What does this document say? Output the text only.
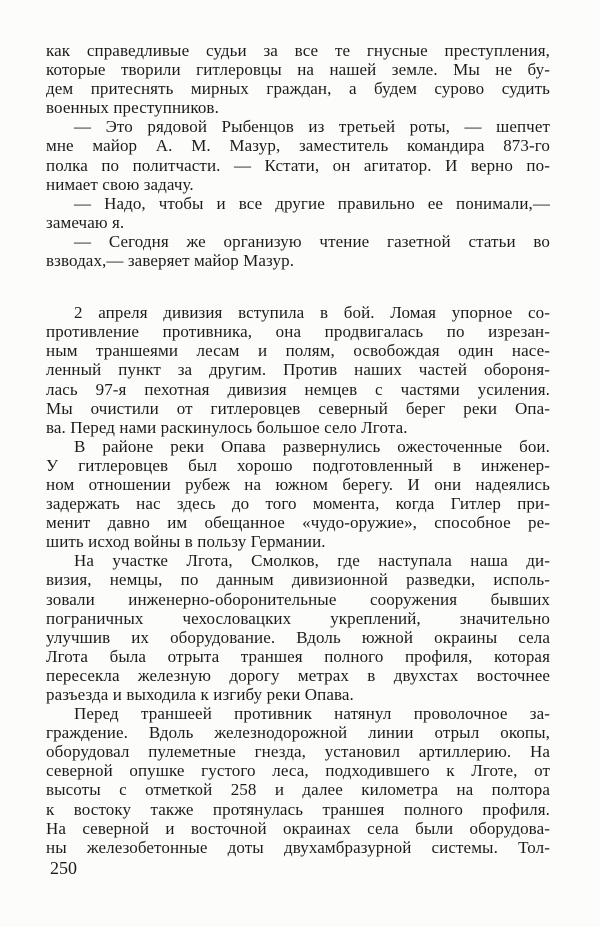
как справедливые судьи за все те гнусные преступления,
которые творили гитлеровцы на нашей земле. Мы не бу-
дем притеснять мирных граждан, а будем сурово судить
военных преступников.
— Это рядовой Рыбенцов из третьей роты, — шепчет
мне майор А. М. Мазур, заместитель командира 873-го
полка по политчасти. — Кстати, он агитатор. И верно по-
нимает свою задачу.
— Надо, чтобы и все другие правильно ее понимали,—
замечаю я.
— Сегодня же организую чтение газетной статьи во
взводах,— заверяет майор Мазур.
2 апреля дивизия вступила в бой. Ломая упорное со-
противление противника, она продвигалась по изрезан-
ным траншеями лесам и полям, освобождая один насе-
ленный пункт за другим. Против наших частей обороня-
лась 97-я пехотная дивизия немцев с частями усиления.
Мы очистили от гитлеровцев северный берег реки Опа-
ва. Перед нами раскинулось большое село Лгота.
В районе реки Опава развернулись ожесточенные бои.
У гитлеровцев был хорошо подготовленный в инженер-
ном отношении рубеж на южном берегу. И они надеялись
задержать нас здесь до того момента, когда Гитлер при-
менит давно им обещанное «чудо-оружие», способное ре-
шить исход войны в пользу Германии.
На участке Лгота, Смолков, где наступала наша ди-
визия, немцы, по данным дивизионной разведки, исполь-
зовали инженерно-оборонительные сооружения бывших
пограничных чехословацких укреплений, значительно
улучшив их оборудование. Вдоль южной окраины села
Лгота была отрыта траншея полного профиля, которая
пересекла железную дорогу метрах в двухстах восточнее
разъезда и выходила к изгибу реки Опава.
Перед траншеей противник натянул проволочное за-
граждение. Вдоль железнодорожной линии отрыл окопы,
оборудовал пулеметные гнезда, установил артиллерию. На
северной опушке густого леса, подходившего к Лготе, от
высоты с отметкой 258 и далее километра на полтора
к востоку также протянулась траншея полного профиля.
На северной и восточной окраинах села были оборудова-
ны железобетонные доты двухамбразурной системы. Тол-
250
